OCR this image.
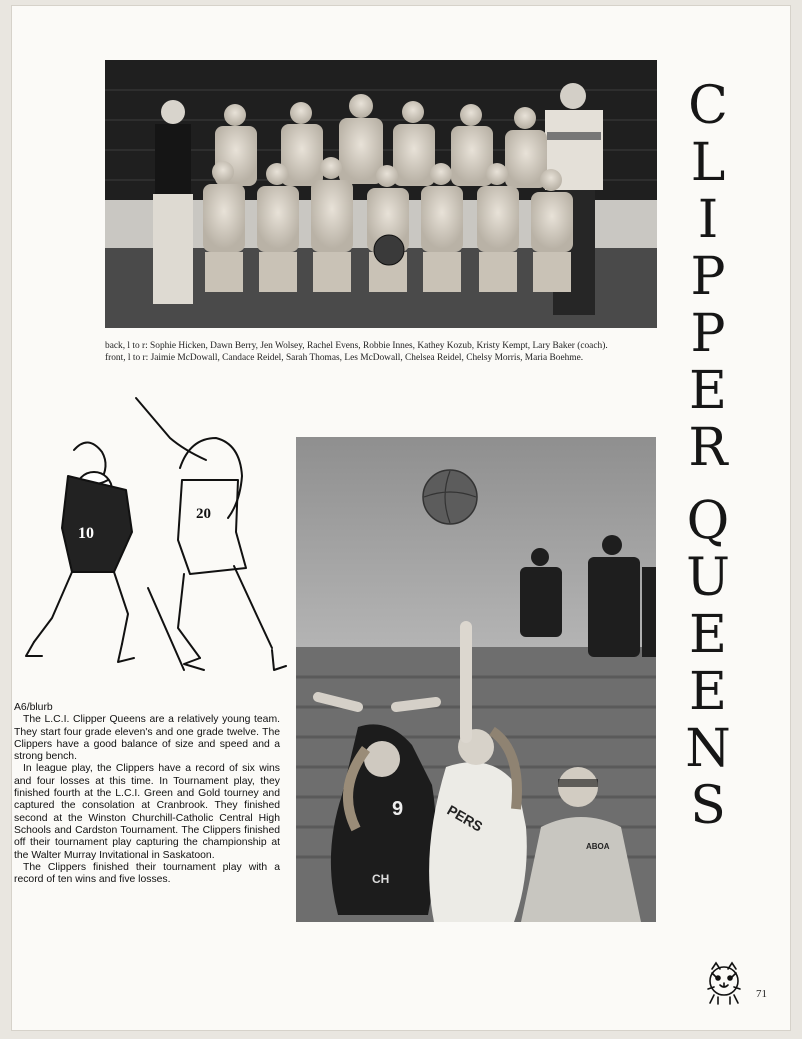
back, l to r: Sophie Hicken, Dawn Berry, Jen Wolsey, Rachel Evens, Robbie Innes, Kathey Kozub, Kristy Kempt, Lary Baker (coach).

front, l to r: Jaimie McDowall, Candace Reidel, Sarah Thomas, Les McDowall, Chelsea Reidel, Chelsy Morris, Maria Boehme.

10
20

A6/blurb

The L.C.I. Clipper Queens are a relatively young team. They start four grade eleven's and one grade twelve. The Clippers have a good balance of size and speed and a strong bench.

In league play, the Clippers have a record of six wins and four losses at this time. In Tournament play, they finished fourth at the L.C.I. Green and Gold tourney and captured the consolation at Cranbrook. They finished second at the Winston Churchill-Catholic Central High Schools and Cardston Tournament. The Clippers finished off their tournament play capturing the championship at the Walter Murray Invitational in Saskatoon.

The Clippers finished their tournament play with a record of ten wins and five losses.

9	PERS
CH
ABOA
C
L
I
P
P
E
R
Q
U
E
E
N
S
71
